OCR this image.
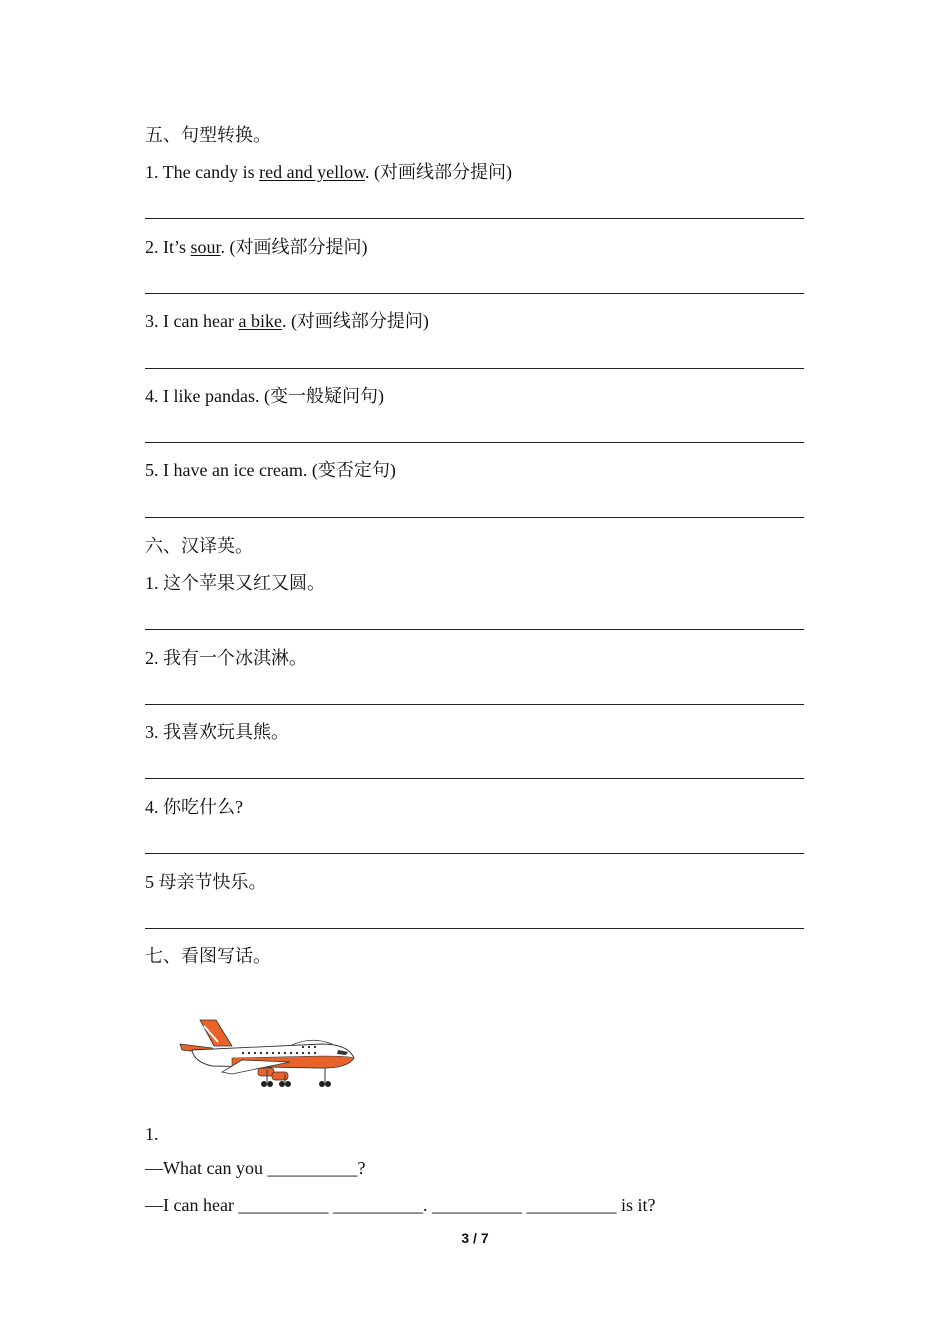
五、句型转换。
1. The candy is red and yellow. (对画线部分提问)
2. It’s sour. (对画线部分提问)
3. I can hear a bike. (对画线部分提问)
4. I like pandas. (变一般疑问句)
5. I have an ice cream. (变否定句)
六、汉译英。
1. 这个苹果又红又圆。
2. 我有一个冰淇淋。
3. 我喜欢玩具熊。
4. 你吃什么?
5 母亲节快乐。
七、看图写话。
1.
—What can you __________?
—I can hear __________ __________. __________ __________ is it?
3 / 7
